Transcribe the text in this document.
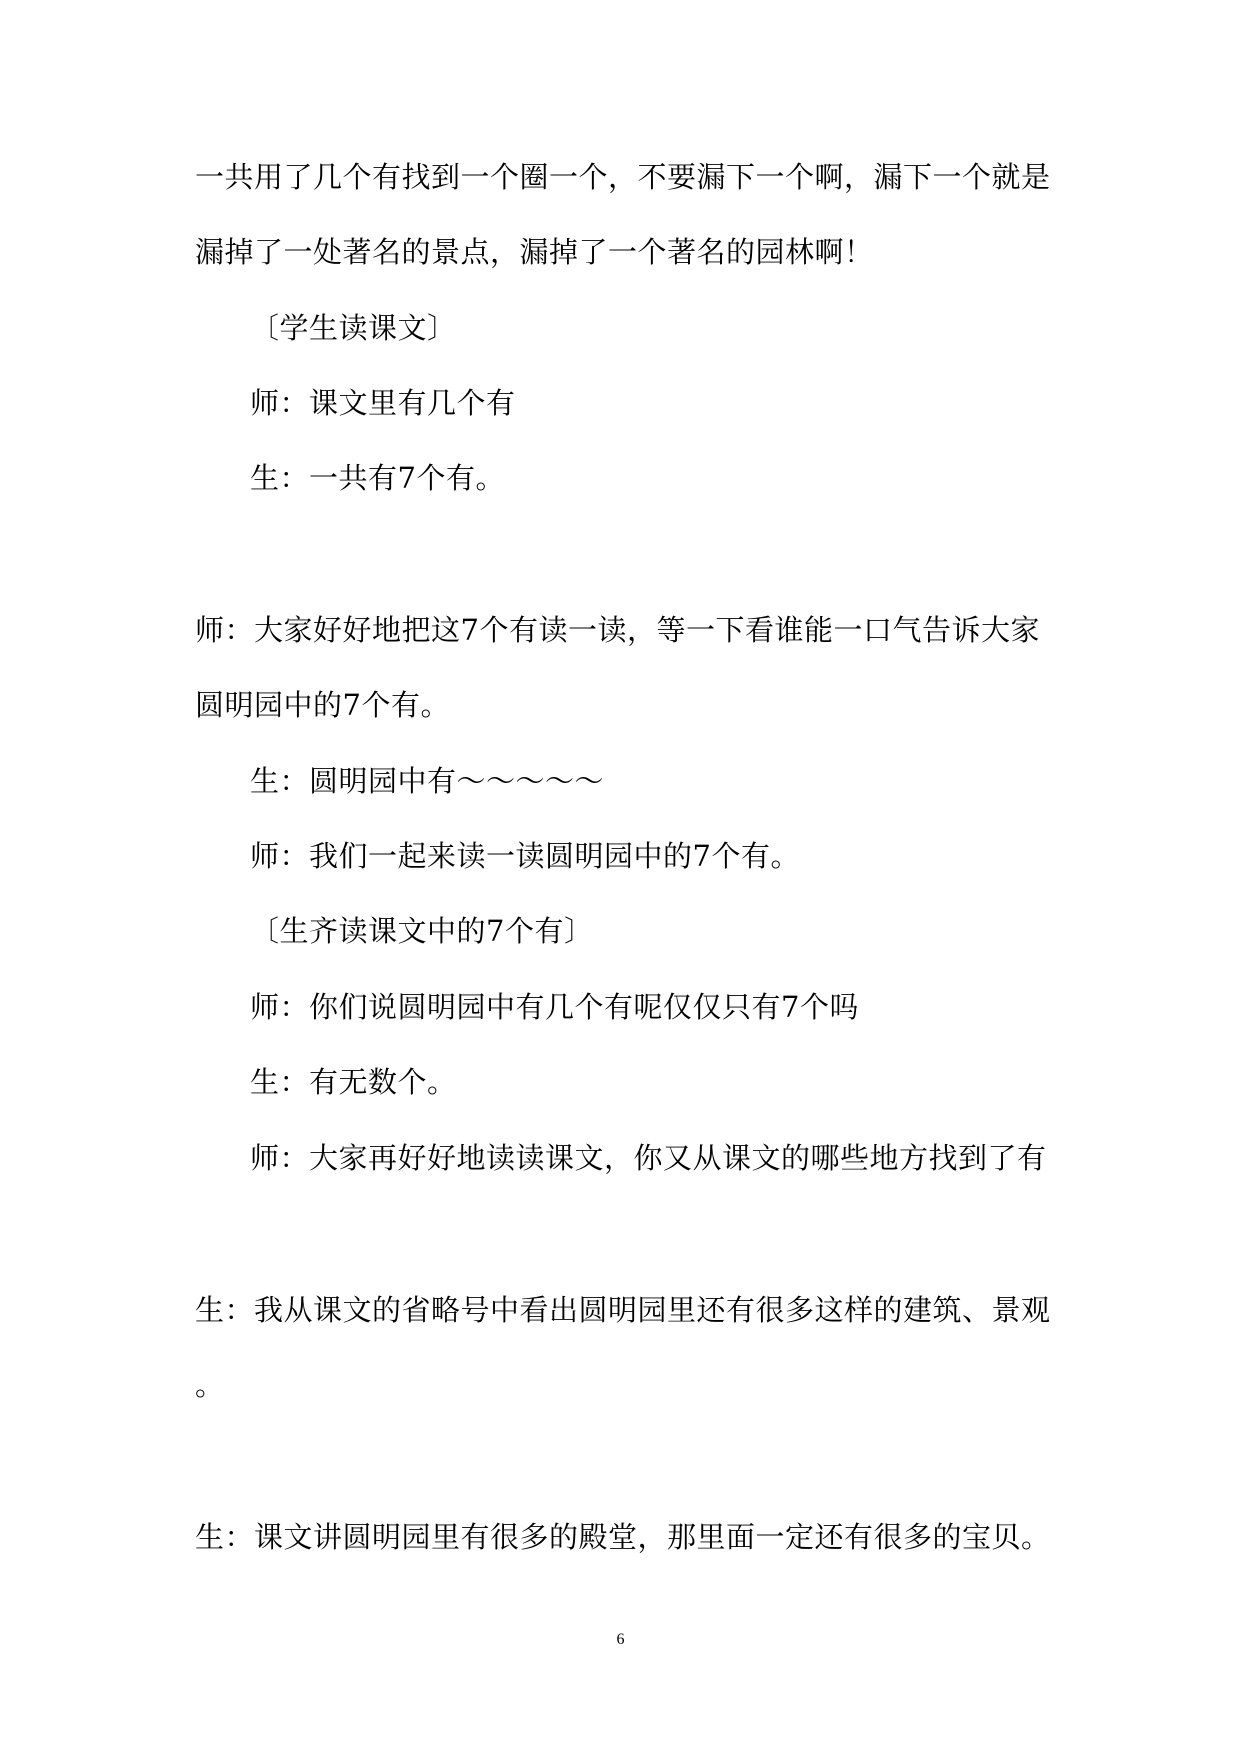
一共用了几个有找到一个圈一个，不要漏下一个啊，漏下一个就是
漏掉了一处著名的景点，漏掉了一个著名的园林啊！
〔学生读课文〕
师：课文里有几个有
生：一共有7个有。
师：大家好好地把这7个有读一读，等一下看谁能一口气告诉大家
圆明园中的7个有。
生：圆明园中有～～～～～
师：我们一起来读一读圆明园中的7个有。
〔生齐读课文中的7个有〕
师：你们说圆明园中有几个有呢仅仅只有7个吗
生：有无数个。
师：大家再好好地读读课文，你又从课文的哪些地方找到了有
生：我从课文的省略号中看出圆明园里还有很多这样的建筑、景观
。
生：课文讲圆明园里有很多的殿堂，那里面一定还有很多的宝贝。
6
